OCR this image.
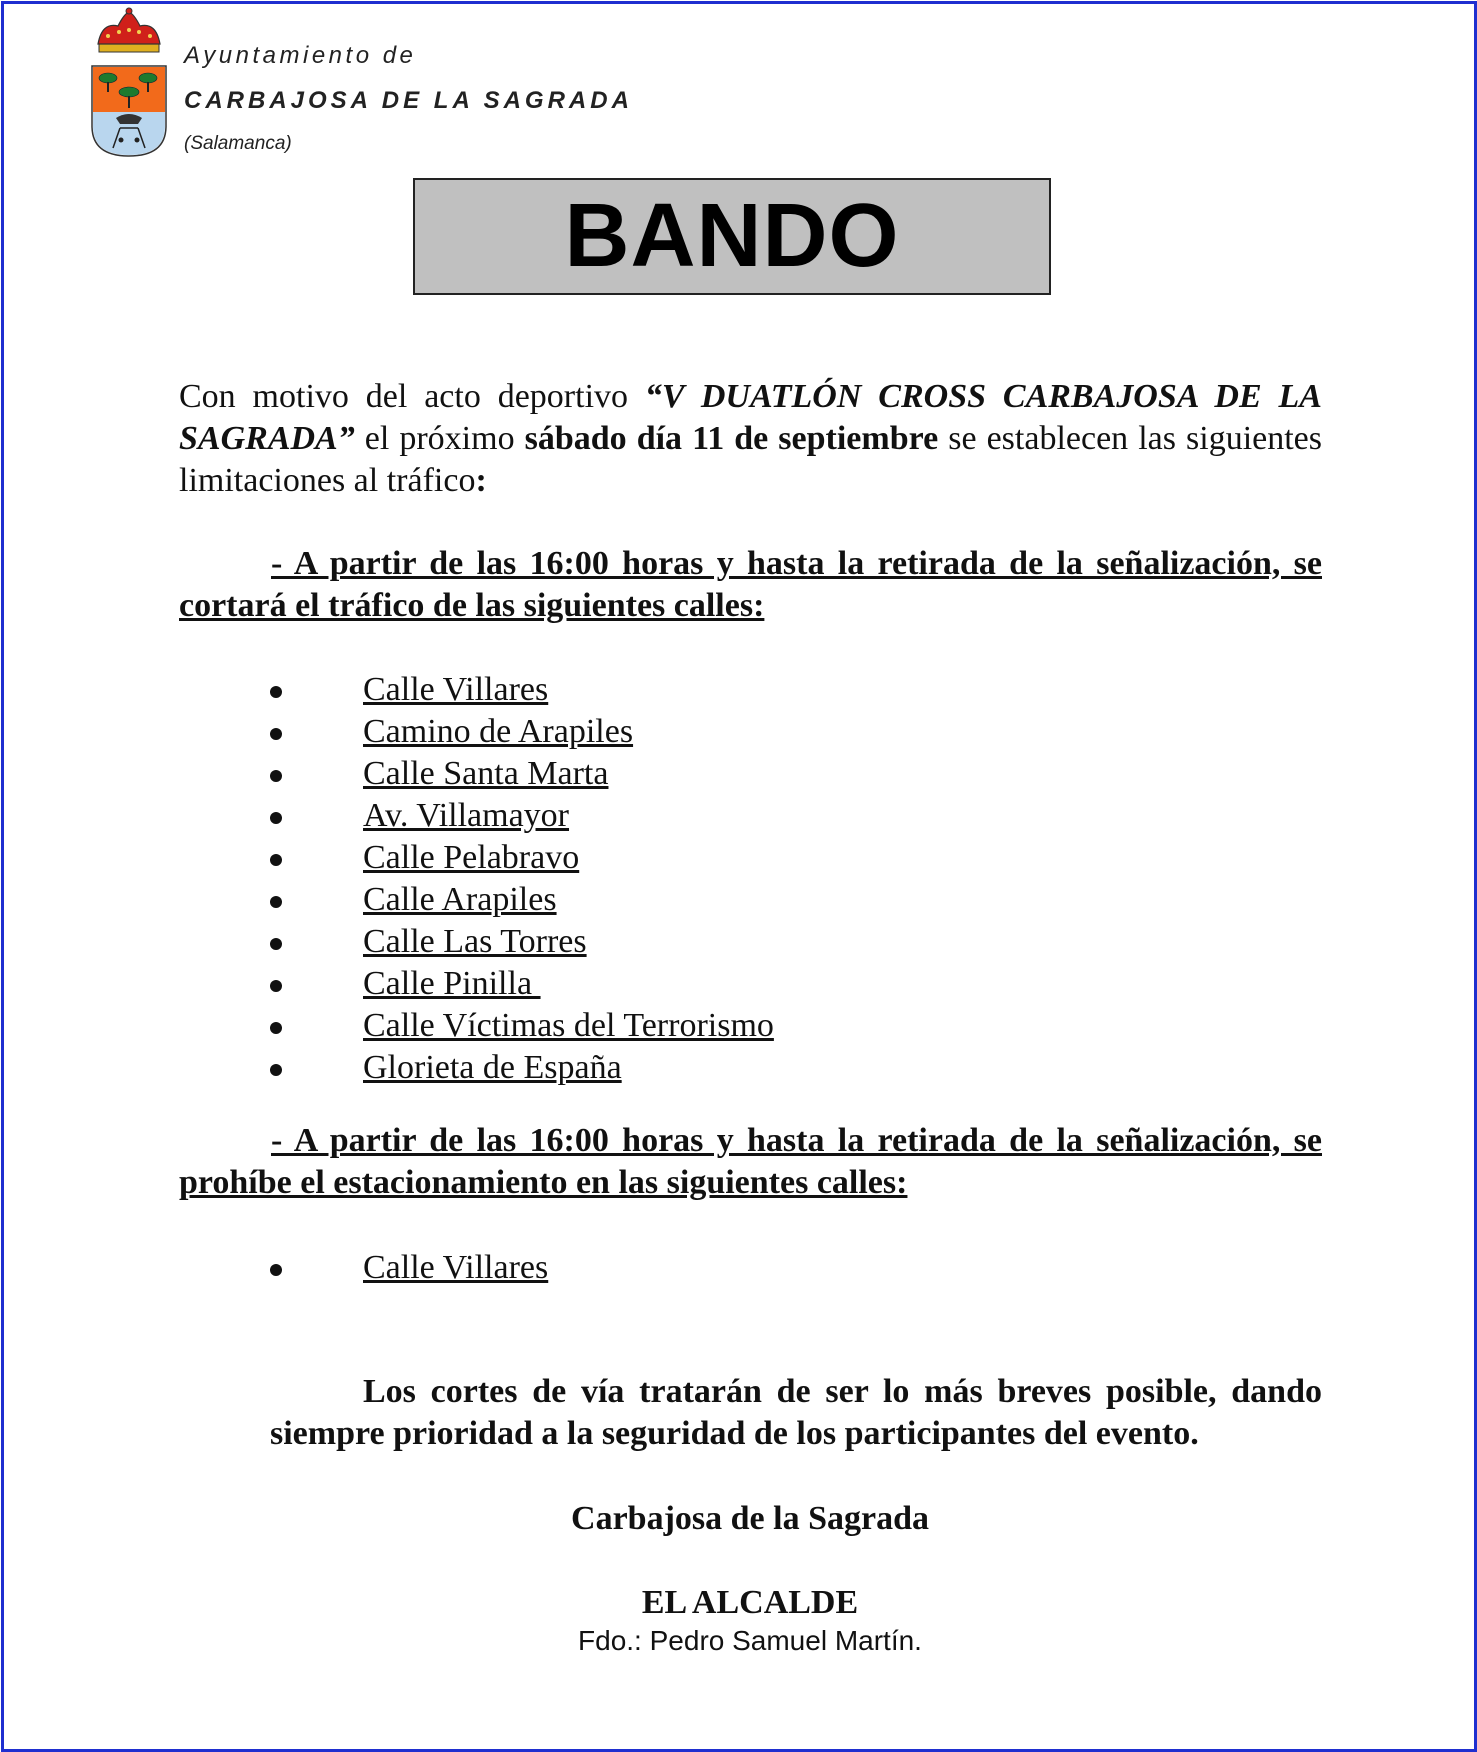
Ayuntamiento de
CARBAJOSA DE LA SAGRADA
(Salamanca)
BANDO
Con motivo del acto deportivo “V DUATLÓN CROSS CARBAJOSA DE LA SAGRADA” el próximo sábado día 11 de septiembre se establecen las siguientes limitaciones al tráfico:
- A partir de las 16:00 horas y hasta la retirada de la señalización, se cortará el tráfico de las siguientes calles:
Calle Villares
Camino de Arapiles
Calle Santa Marta
Av. Villamayor
Calle Pelabravo
Calle Arapiles
Calle Las Torres
Calle Pinilla
Calle Víctimas del Terrorismo
Glorieta de España
- A partir de las 16:00 horas y hasta la retirada de la señalización, se prohíbe el estacionamiento en las siguientes calles:
Calle Villares
Los cortes de vía tratarán de ser lo más breves posible, dando siempre prioridad a la seguridad de los participantes del evento.
Carbajosa de la Sagrada
EL ALCALDE
Fdo.: Pedro Samuel Martín.
